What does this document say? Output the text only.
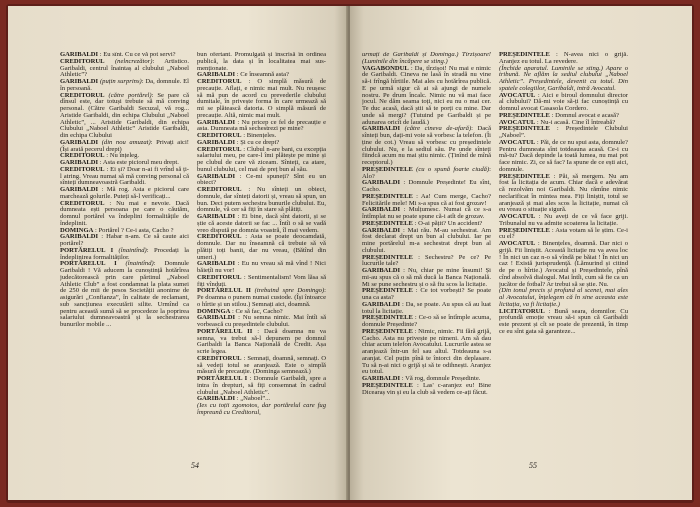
GARIBALDI : Eu sînt. Cu ce vă pot servi?

CREDITORUL (nelncrezător): Artistico. Garibaldi, centrul înaintaș al clubului „Naboel Athletic”?

GARIBALDI (puțin surprins): Da, domnule. El în persoană.

CREDITORUL (către portărel): Se pare că dînsul este, dar totuși trebuie să mă conving personal. (Către Garibaldi Secuzal, vă rog... Aristide Garibaldi, din echipa Clubului „Naboel Athletic”, ... Aristide Garibaldi, din echipa Clubului „Naboel Athletic” Aristide Garibaldi, din echipa Clubului

GARIBALDI (din nou amuzat): Privați aici! (Își arată pecerul drept)

CREDITORUL : Nu înțeleg.

GARIBALDI : Asta este piciorul meu drept.

CREDITORUL : Ei și? Doar n-ai fi vrînd să ți-l atring. Vreau numai să mă conving personal că sînteți dumneavoastră Garibaldi.

GARIBALDI : Mă rog. Asta e piciorul care marchează golurile. Puteți să-l verificați...

CREDITORUL : Nu mai e nevoie. Dacă dumneata ești persoana pe care o căutăm, domnul portărel va îndeplini formalitățile de îndeplinit.

DOMINGA : Portărel ? Ce-i asta, Cacho ?

GARIBALDI : Habar n-am. Ce să caute aici portărel?

PORTĂRELUL I (înaintînd): Procedați la îndeplinirea formalităților.

PORTĂRELUL I (înaintînd): Domnule Garibaldi ! Vă aducem la cunoștință hotărîrea judecătorească prin care părtinul „Naboel Athletic Club” a fost condamnat la plata sumei de 250 de mii de pesos Societății anonime de asigurări „Confianza”, în calitate de reclamant, sub sancțiunea executării silite. Urmînd ca pentru această sumă să se procedeze la poprirea salariului dumneavoastră și la sechestrarea bunurilor mobile ...

bun ofertant. Promulgată și înscrisă în ordinea publică, la data și în localitatea mai sus-menționate.

GARIBALDI : Ce înseamnă asta?

CREDITORUL : O simplă măsură de precauție. Aflați, e nimic mai mult. Nu reușesc să mă pun de acord cu prevederile clubului dumitale, în privește forma în care urmează să mi se plătească datoria. O simplă măsură de precauție. Altă, nimic mai mult.

GARIBALDI : Nu pricep ce fel de precauție e asta. Dumneata mă sechestrezi pe mine?

CREDITORUL : Binențeles.

GARIBALDI : Și cu ce drept?

CREDITORUL : Clubul n-are bani, cu excepția salariului meu, pe care-l îmi plătește pe mine și pe clubul de care vă ziceam. Sînteți, ca atare, bunul clubului, cel mai de preț bun al său.

GARIBALDI : Ce-mi spuneți? Sînt eu un obiect?

CREDITORUL : Nu sînteți un obiect, domnule, dar sînteți datorii și, vreau să spun, un bun. Deci putem sechestra bunurile clubului. Eu, domnule, vă cer să fiți în stare să plătiți.

GARIBALDI : Ei bine, dacă sînt datorii, și se știe că aceste datorii se fac ... Întîi o să se vadă vreo dispută pe domnia voastră, îl mai vedem.

CREDITORUL : Asta se poate deocamdată, domnule. Dar nu înseamnă că trebuie să vă plătiți toți banii, dar nu vreau, (Bătînd din umeri.)

GARIBALDI : Eu nu vreau să mă vînd ! Nici băiețîi nu vor!

CREDITORUL : Sentimentalism! Vom lăsa să fiți vînduți.

PORTĂRELUL II (trebuind spre Domingo): Pe doamna o punem numai custode. (Își întoarce o hîrtie și un stilou.) Semnați aici, doamnă.

DOMINGA : Ce să fac, Cacho?

GARIBALDI : Nu semna nimic. Mai întîi să vorbească cu președintele clubului.

PORTĂRELUL II : Dacă doamna nu va semna, va trebui să-l depunem pe domnul Garibaldi la Banca Națională de Credit. Așa scrie legea.

CREDITORUL : Semnați, doamnă, semnați. O să vedeți totul se aranjează. Este o simplă măsură de precauție. (Dominga semnează.)

PORTĂRELUL I : Domnule Garibaldi, spre a intra în drepturi, să fiți consemnat în cadrul clubului „Naboel Athletic”.

GARIBALDI : „Naboel”...

(Ies cu toții zgomotos, dar portărelul care fug împreună cu Creditorul,

54

urmați de Garibaldi și Dominga.) Tîrzișoare! (Luminile din încăpere se sting.)

VAGABONDUL : Da, tîrzișoi! Nu mai e nimic de Garibaldi. Cineva ne lasă în stradă nu vine să-i frîngă hîrtiile. Mai ales cu hotărîrea publică. E pe urmă sigur că ai să ajungi de numele nostru. Pe drum încalc. Nimic nu vă mai face jocul. Ne dăm seama toți, nici eu nu o mai cer. Te duc acasă, dacă știi să te porți cu mine. Dar unde să mergi? (Tutuind pe Garibaldi și pe adunarea oricît de laudă.)

GARIBALDI (către cineva de-afară): Dacă sînteți bun, dați-mi voie să vorbesc la telefon. (Îi ține de cot.) Vreau să vorbesc cu președintele clubului. Nu, e la sediul său. Pe unde sînteți fiindcă acum nu mai știu nimic. (Ținînd de mînă receptorul.)

PREȘEDINTELE (cu o spună foarte ciudă): Alo?

GARIBALDI : Domnule Președinte! Eu sînt, Cacho.

PREȘEDINTELE : Aa! Cum merge, Cacho? Felicitările mele! Mi s-a spus că ai fost grozav!

GARIBALDI : Mulțumesc. Numai că ce s-a întîmplat nu se poate spune că-i atît de grozav.

PREȘEDINTELE : O-ai pățit? Un accident?

GARIBALDI : Mai rău. M-au sechestrat. Am fost declarat drept un bun al clubului. Iar pe mine portărelul m-a sechestrat drept bun al clubului.

PREȘEDINTELE : Sechestru? Pe ce? Pe lucrurile tale?

GARIBALDI : Nu, chiar pe mine însumi! Și mi-au spus că o să mă ducă la Banca Națională. Mi se pune sechestru și o să fiu scos la licitație.

PREȘEDINTELE : Ce tot vorbești? Se poate una ca asta?

GARIBALDI : Da, se poate. Au spus că au luat totul la licitație.

PREȘEDINTELE : Ce-o să se întîmple acuma, domnule Președinte?

PREȘEDINTELE : Nimic, nimic. Fii fără grijă, Cacho. Asta nu privește pe nimeni. Am să dau chiar acum telefon Avocatului. Lucrurile astea se aranjează într-un fel sau altul. Totdeauna s-a aranjat. Cel puțin pînă te întorci din deplasare. Tu să n-ai nici o grijă și să te odihnești. Aranjez eu totul.

GARIBALDI : Vă rog, domnule Președinte.

PREȘEDINTELE : Las' c-aranjez eu! Bine Dicearaș vin și eu la club să vedem ce-ați făcut.

PREȘEDINTELE : N-avea nici o grijă. Aranjez eu totul. La revedere.

(Închide aparatul. Luminile se sting.) Apare o tribună. Ne aflăm la sediul clubului „Naboel Athletic”. Președintele, devenit cu totul. Din spatele colegiilor, Garibaldi, intră Avocatul.

AVOCATUL : Aici e biroul domnului director al clubului? Dă-mi voie să-ți fac cunoștință cu domnul avocat Casasola Cordero.

PREȘEDINTELE : Domnul avocat e acasă?

AVOCATUL : Nu-i acasă. Cine îl întreabă?

PREȘEDINTELE : Președintele Clubului „Naboel”.

AVOCATUL : Păi, de ce nu spui asta, domnule? Pentru dumneata sînt totdeauna acasă. Ce-i cu mă-tu? Dacă depinde la toată lumea, nu mai pot face nimic. Zi, ce să fac? Ia spune de ce ești aici, domnule.

PREȘEDINTELE : Păi, să mergem. Nu am fost la licitația de acum. Chiar dacă e adevărat că rezolvăm noi Garibaldi. Nu rămîne nimic neclarificat în mintea mea. Fiți liniștit, totul se aranjează și mai ales scos la licitație, numai că eu vreau o situație sigură.

AVOCATUL : Nu aveți de ce vă face griji. Tribunalul nu va admite scoaterea la licitație.

PREȘEDINTELE : Asta votam să le știm. Ce-i cu el?

AVOCATUL : Binențeles, doamnă. Dar nici o grijă. Fii liniștit. Această licitație nu va avea loc ! În nici un caz n-o să vîndă pe băiat ! În nici un caz ! Există jurisprudență. (Lămurind și citind de pe o hîrtie.) Avocatul și Președintele, pînă cînd absolvă dialogul. Mai întîi, cum să fie ca un jucător de fotbal? Ar trebui să se știe. Nu.

(Din tonul precis și profund al scenei, mai ales al Avocatului, înțelegem că în sine aceasta este licitația, va fi licitație.)

LICITATORUL : Bună seara, domnilor. Cu profundă emoție vreau să-i spun că Garibaldi este prezent și cît se poate de prezentă, în timp ce eu sînt gata să garanteze...

55
